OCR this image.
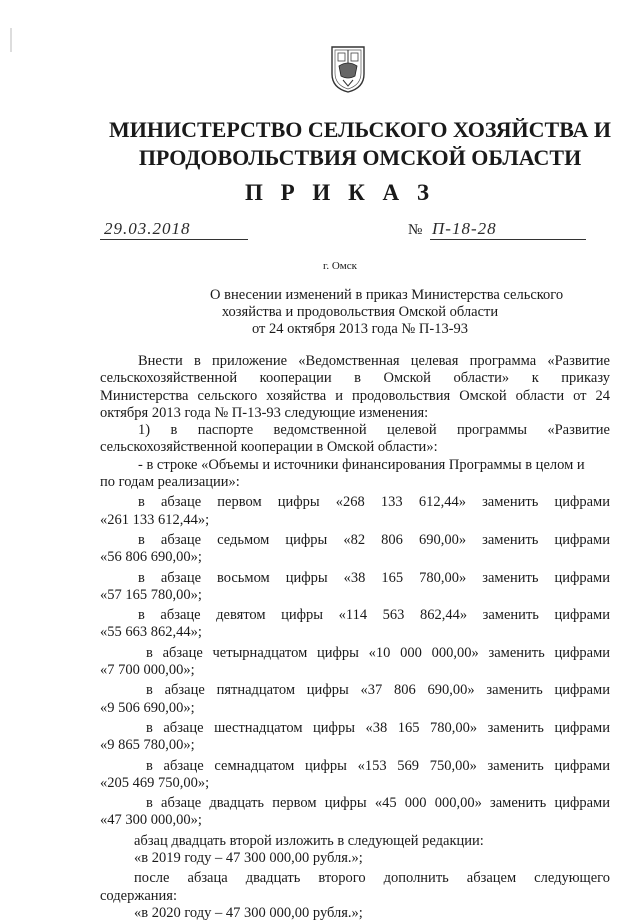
МИНИСТЕРСТВО СЕЛЬСКОГО ХОЗЯЙСТВА И
ПРОДОВОЛЬСТВИЯ ОМСКОЙ ОБЛАСТИ
П Р И К А З
29.03.2018	№ П-18-28
г. Омск
О внесении изменений в приказ Министерства сельского
хозяйства и продовольствия Омской области
от 24 октября 2013 года № П-13-93
Внести в приложение «Ведомственная целевая программа «Развитие
сельскохозяйственной кооперации в Омской области» к приказу
Министерства сельского хозяйства и продовольствия Омской области от 24
октября 2013 года № П-13-93 следующие изменения:
1) в паспорте ведомственной целевой программы «Развитие
сельскохозяйственной кооперации в Омской области»:
- в строке «Объемы и источники финансирования Программы в целом и
по годам реализации»:
в абзаце первом цифры «268 133 612,44» заменить цифрами
«261 133 612,44»;
в абзаце седьмом цифры «82 806 690,00» заменить цифрами
«56 806 690,00»;
в абзаце восьмом цифры «38 165 780,00» заменить цифрами
«57 165 780,00»;
в абзаце девятом цифры «114 563 862,44» заменить цифрами
«55 663 862,44»;
в абзаце четырнадцатом цифры «10 000 000,00» заменить цифрами
«7 700 000,00»;
в абзаце пятнадцатом цифры «37 806 690,00» заменить цифрами
«9 506 690,00»;
в абзаце шестнадцатом цифры «38 165 780,00» заменить цифрами
«9 865 780,00»;
в абзаце семнадцатом цифры «153 569 750,00» заменить цифрами
«205 469 750,00»;
в абзаце двадцать первом цифры «45 000 000,00» заменить цифрами
«47 300 000,00»;
абзац двадцать второй изложить в следующей редакции:
«в 2019 году – 47 300 000,00 рубля.»;
после абзаца двадцать второго дополнить абзацем следующего
содержания:
«в 2020 году – 47 300 000,00 рубля.»;
